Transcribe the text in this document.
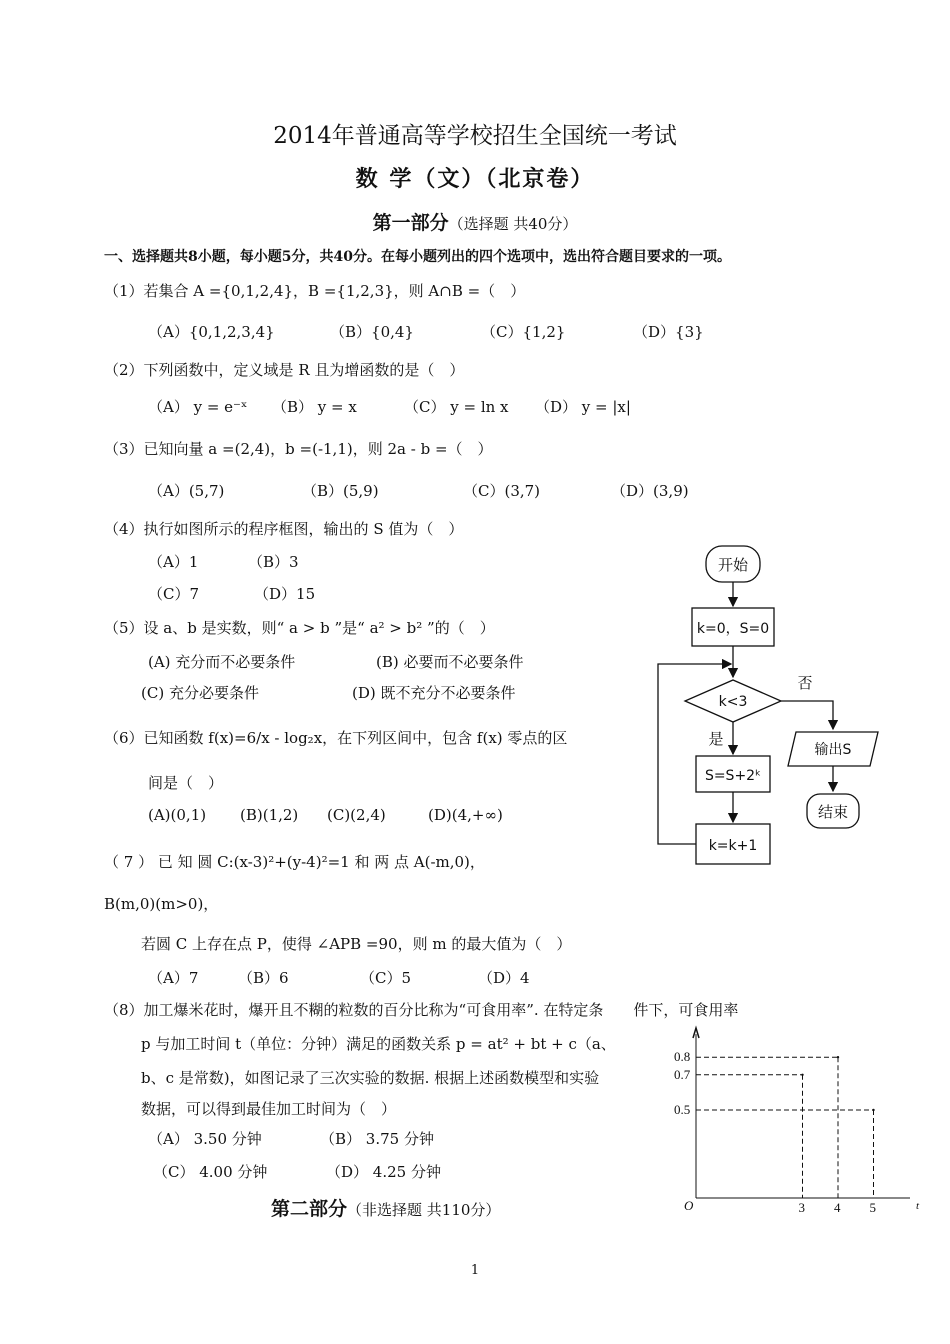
2014年普通高等学校招生全国统一考试
数 学（文）（北京卷）
第一部分（选择题 共40分）
一、选择题共8小题，每小题5分，共40分。在每小题列出的四个选项中，选出符合题目要求的一项。
（1）若集合 A ={0,1,2,4}，B ={1,2,3}，则 A∩B =（　）
（A）{0,1,2,3,4}	（B）{0,4}	（C）{1,2}	（D）{3}
（2）下列函数中，定义域是 R 且为增函数的是（　）
（A） y = e⁻ˣ （B） y = x	（C） y = ln x （D） y = |x|
（3）已知向量 a =(2,4)，b =(-1,1)，则 2a - b =（　）
（A）(5,7)	（B）(5,9)	（C）(3,7)	（D）(3,9)
（4）执行如图所示的程序框图，输出的 S 值为（　）
（A）1	（B）3
（C）7	（D）15
（5）设 a、b 是实数，则“ a > b ”是“ a² > b² ”的（　）
(A) 充分而不必要条件	(B) 必要而不必要条件
(C) 充分必要条件	(D) 既不充分不必要条件
（6）已知函数 f(x)=6/x - log₂x，在下列区间中，包含 f(x) 零点的区
间是（　）
(A)(0,1) (B)(1,2) (C)(2,4)	(D)(4,+∞)
（ 7 ） 已 知 圆 C:(x-3)²+(y-4)²=1 和 两 点 A(-m,0)，
B(m,0)(m>0)，
若圆 C 上存在点 P，使得 ∠APB =90，则 m 的最大值为（　）
（A）7	（B）6	（C）5	（D）4
（8）加工爆米花时，爆开且不糊的粒数的百分比称为“可食用率”. 在特定条　　件下，可食用率
p 与加工时间 t（单位：分钟）满足的函数关系 p = at² + bt + c（a、
b、c 是常数)，如图记录了三次实验的数据. 根据上述函数模型和实验
数据，可以得到最佳加工时间为（　）
（A） 3.50 分钟	（B） 3.75 分钟
（C） 4.00 分钟	（D） 4.25 分钟
第二部分（非选择题 共110分）
开始
k=0，S=0
k<3
是
否
S=S+2ᵏ
k=k+1
输出S
结束
t
O	3 4 5
0.8
0.7
0.5
1
